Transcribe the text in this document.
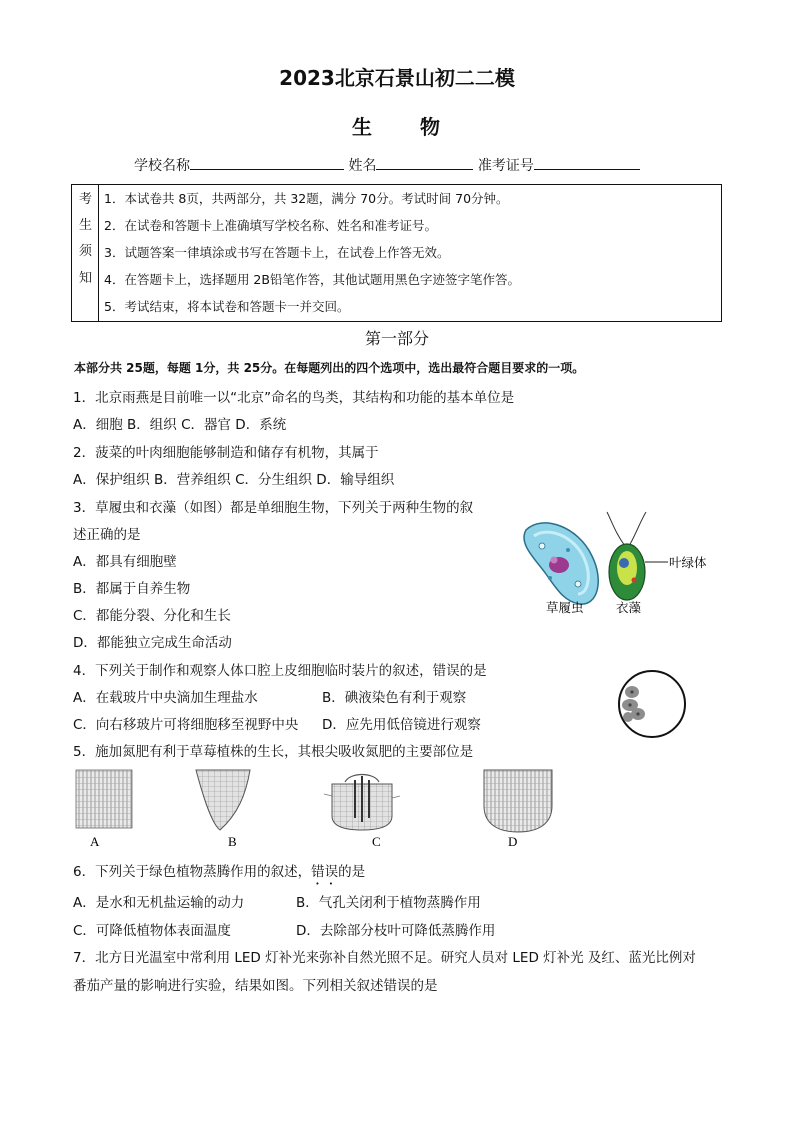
2023北京石景山初二二模
生 物
学校名称	姓名	准考证号
考
生
须
知
1．本试卷共 8页，共两部分，共 32题，满分 70分。考试时间 70分钟。
2．在试卷和答题卡上准确填写学校名称、姓名和准考证号。
3．试题答案一律填涂或书写在答题卡上，在试卷上作答无效。
4．在答题卡上，选择题用 2B铅笔作答，其他试题用黑色字迹签字笔作答。
5．考试结束，将本试卷和答题卡一并交回。
第一部分
本部分共 25题，每题 1分，共 25分。在每题列出的四个选项中，选出最符合题目要求的一项。
1．北京雨燕是目前唯一以“北京”命名的鸟类，其结构和功能的基本单位是
A．细胞 B．组织 C．器官 D．系统
2．菠菜的叶肉细胞能够制造和储存有机物，其属于
A．保护组织 B．营养组织 C．分生组织 D．输导组织
3．草履虫和衣藻（如图）都是单细胞生物，下列关于两种生物的叙
述正确的是
A．都具有细胞壁
B．都属于自养生物
C．都能分裂、分化和生长
D．都能独立完成生命活动
叶绿体
草履虫	衣藻
4．下列关于制作和观察人体口腔上皮细胞临时装片的叙述，错误的是
A．在载玻片中央滴加生理盐水	B．碘液染色有利于观察
C．向右移玻片可将细胞移至视野中央 D．应先用低倍镜进行观察
5．施加氮肥有利于草莓植株的生长，其根尖吸收氮肥的主要部位是
A	B	C	D
6．下列关于绿色植物蒸腾作用的叙述，错误的是
A．是水和无机盐运输的动力	B．气孔关闭利于植物蒸腾作用
C．可降低植物体表面温度	D．去除部分枝叶可降低蒸腾作用
7．北方日光温室中常利用 LED 灯补光来弥补自然光照不足。研究人员对 LED 灯补光 及红、蓝光比例对
番茄产量的影响进行实验，结果如图。下列相关叙述错误的是
